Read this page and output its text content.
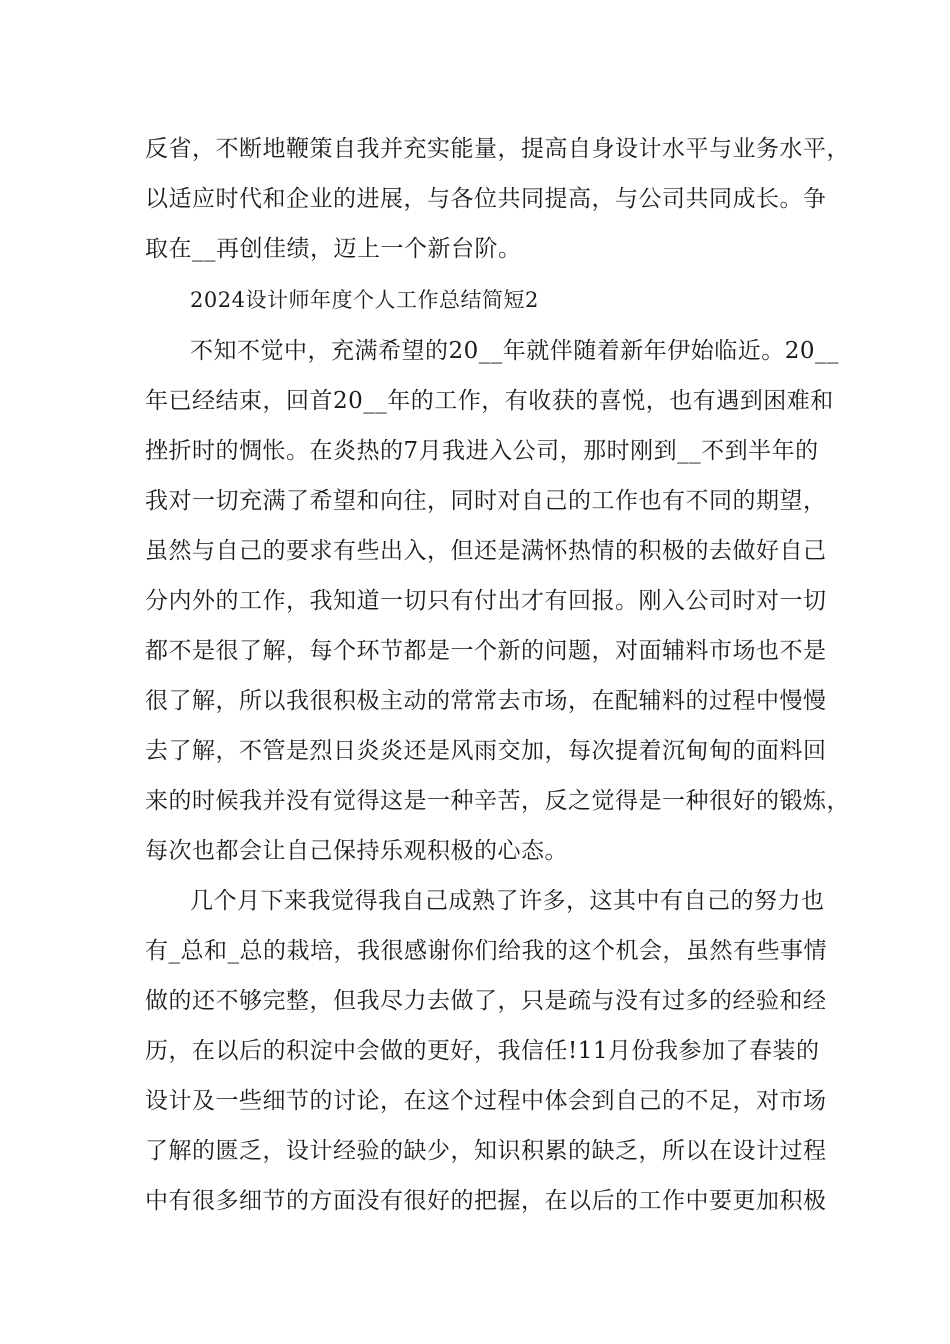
反省，不断地鞭策自我并充实能量，提高自身设计水平与业务水平，
以适应时代和企业的进展，与各位共同提高，与公司共同成长。争
取在__再创佳绩，迈上一个新台阶。
2024设计师年度个人工作总结简短2
不知不觉中，充满希望的20__年就伴随着新年伊始临近。20__
年已经结束，回首20__年的工作，有收获的喜悦，也有遇到困难和
挫折时的惆怅。在炎热的7月我进入公司，那时刚到__不到半年的
我对一切充满了希望和向往，同时对自己的工作也有不同的期望，
虽然与自己的要求有些出入，但还是满怀热情的积极的去做好自己
分内外的工作，我知道一切只有付出才有回报。刚入公司时对一切
都不是很了解，每个环节都是一个新的问题，对面辅料市场也不是
很了解，所以我很积极主动的常常去市场，在配辅料的过程中慢慢
去了解，不管是烈日炎炎还是风雨交加，每次提着沉甸甸的面料回
来的时候我并没有觉得这是一种辛苦，反之觉得是一种很好的锻炼，
每次也都会让自己保持乐观积极的心态。
几个月下来我觉得我自己成熟了许多，这其中有自己的努力也
有_总和_总的栽培，我很感谢你们给我的这个机会，虽然有些事情
做的还不够完整，但我尽力去做了，只是疏与没有过多的经验和经
历，在以后的积淀中会做的更好，我信任!11月份我参加了春装的
设计及一些细节的讨论，在这个过程中体会到自己的不足，对市场
了解的匮乏，设计经验的缺少，知识积累的缺乏，所以在设计过程
中有很多细节的方面没有很好的把握，在以后的工作中要更加积极
